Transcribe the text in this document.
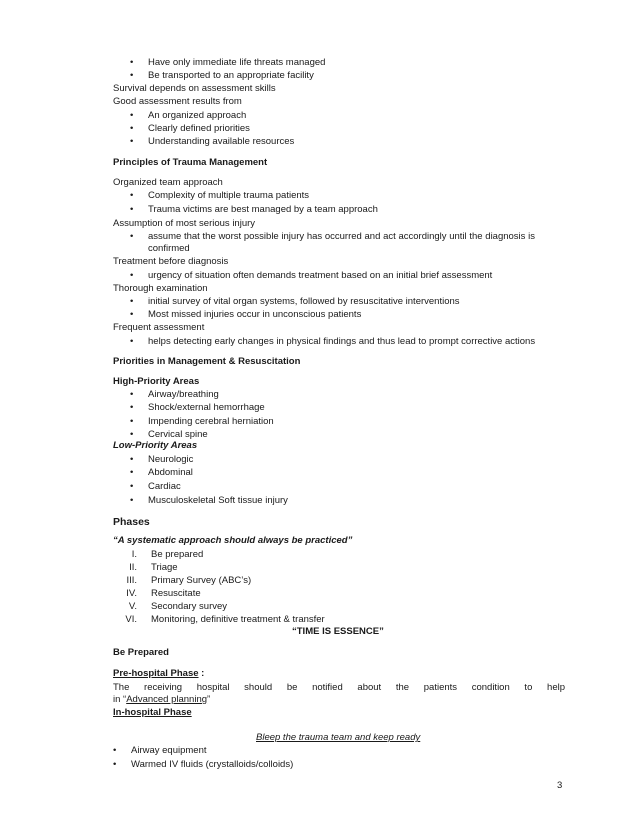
• Have only immediate life threats managed
• Be transported to an appropriate facility
Survival depends on assessment skills
Good assessment results from
• An organized approach
• Clearly defined priorities
• Understanding available resources
Principles of Trauma Management
Organized team approach
• Complexity of multiple trauma patients
• Trauma victims are best managed by a team approach
Assumption of most serious injury
• assume that the worst possible injury has occurred and act accordingly until the diagnosis is
confirmed
Treatment before diagnosis
• urgency of situation often demands treatment based on an initial brief assessment
Thorough examination
• initial survey of vital organ systems, followed by resuscitative interventions
• Most missed injuries occur in unconscious patients
Frequent assessment
• helps detecting early changes in physical findings and thus lead to prompt corrective actions
Priorities in Management & Resuscitation
High-Priority Areas
• Airway/breathing
• Shock/external hemorrhage
• Impending cerebral herniation
• Cervical spine
Low-Priority Areas
• Neurologic
• Abdominal
• Cardiac
• Musculoskeletal Soft tissue injury
Phases
“A systematic approach should always be practiced”
I. Be prepared
II. Triage
III. Primary Survey (ABC’s)
IV. Resuscitate
V. Secondary survey
VI. Monitoring, definitive treatment & transfer
“TIME IS ESSENCE”
Be Prepared
Pre-hospital Phase :
The receiving hospital should be notified about the patients condition to help
in “Advanced planning”
In-hospital Phase
Bleep the trauma team and keep ready
• Airway equipment
• Warmed IV fluids (crystalloids/colloids)
3
